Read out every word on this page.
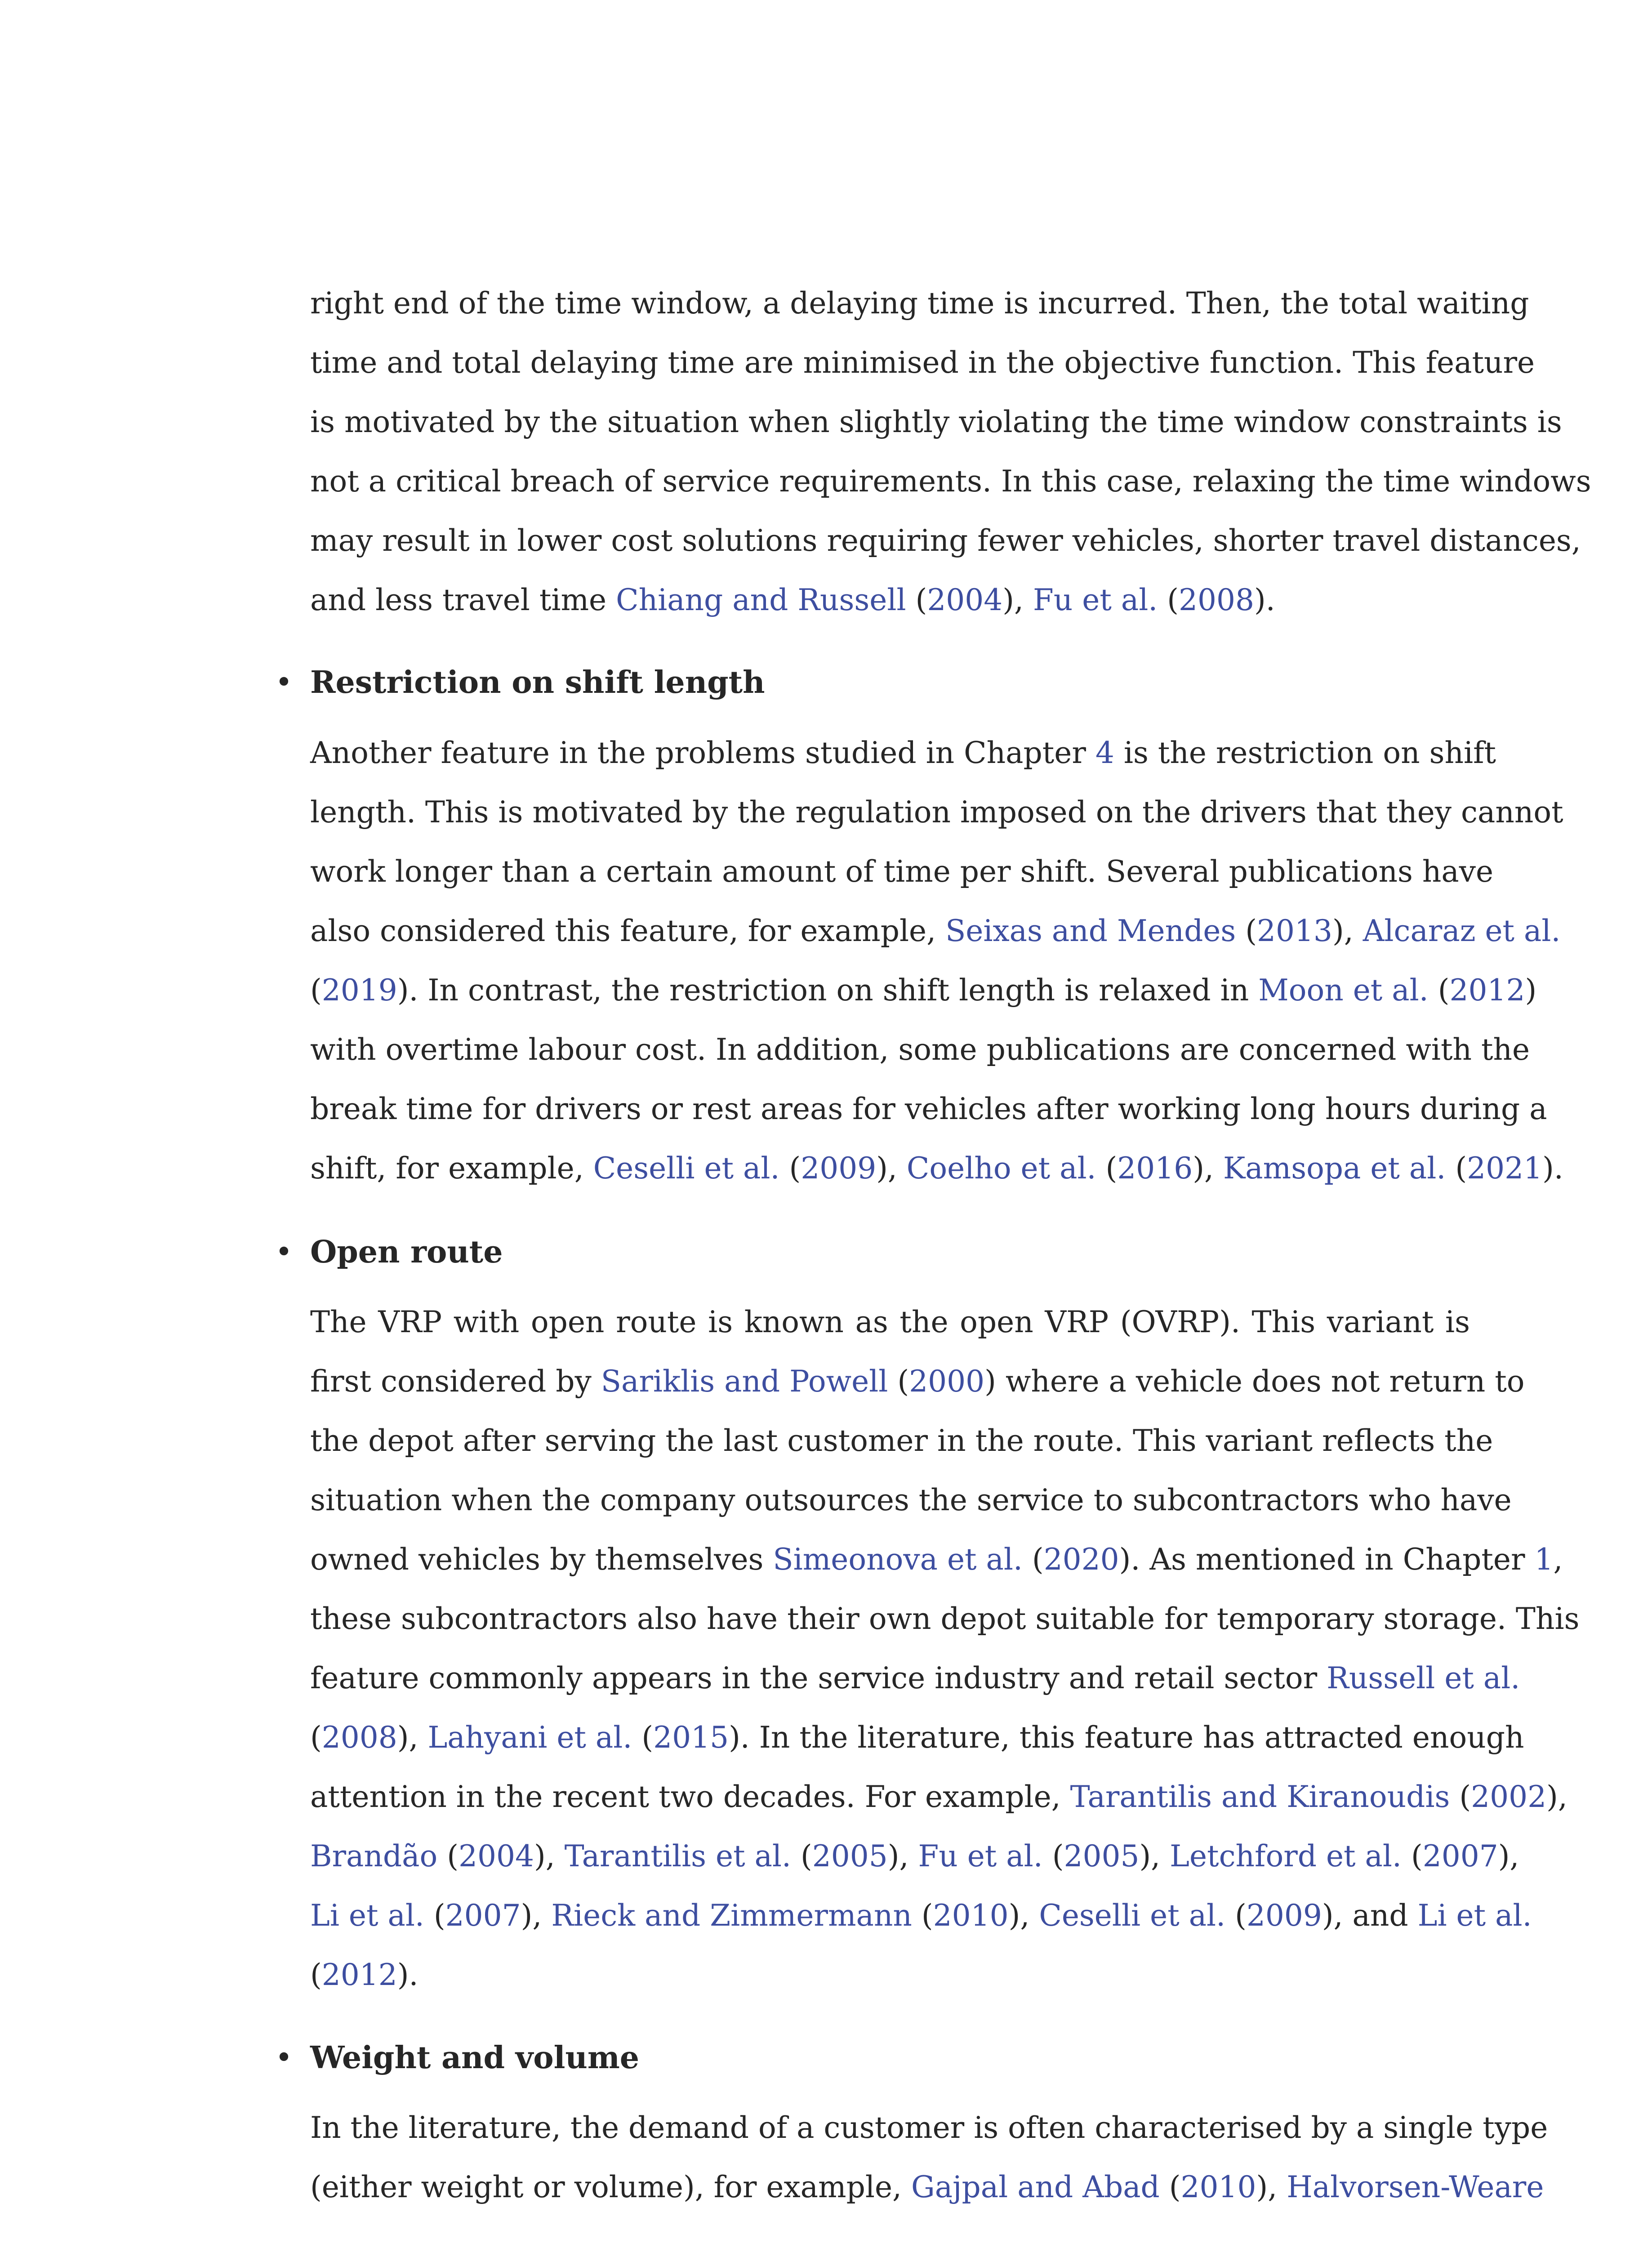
right end of the time window, a delaying time is incurred. Then, the total waiting
time and total delaying time are minimised in the objective function. This feature
is motivated by the situation when slightly violating the time window constraints is
not a critical breach of service requirements. In this case, relaxing the time windows
may result in lower cost solutions requiring fewer vehicles, shorter travel distances,
and less travel time Chiang and Russell (2004), Fu et al. (2008).
• Restriction on shift length
Another feature in the problems studied in Chapter 4 is the restriction on shift
length. This is motivated by the regulation imposed on the drivers that they cannot
work longer than a certain amount of time per shift. Several publications have
also considered this feature, for example, Seixas and Mendes (2013), Alcaraz et al.
(2019). In contrast, the restriction on shift length is relaxed in Moon et al. (2012)
with overtime labour cost. In addition, some publications are concerned with the
break time for drivers or rest areas for vehicles after working long hours during a
shift, for example, Ceselli et al. (2009), Coelho et al. (2016), Kamsopa et al. (2021).
• Open route
The VRP with open route is known as the open VRP (OVRP). This variant is
first considered by Sariklis and Powell (2000) where a vehicle does not return to
the depot after serving the last customer in the route. This variant reflects the
situation when the company outsources the service to subcontractors who have
owned vehicles by themselves Simeonova et al. (2020). As mentioned in Chapter 1,
these subcontractors also have their own depot suitable for temporary storage. This
feature commonly appears in the service industry and retail sector Russell et al.
(2008), Lahyani et al. (2015). In the literature, this feature has attracted enough
attention in the recent two decades. For example, Tarantilis and Kiranoudis (2002),
Brandão (2004), Tarantilis et al. (2005), Fu et al. (2005), Letchford et al. (2007),
Li et al. (2007), Rieck and Zimmermann (2010), Ceselli et al. (2009), and Li et al.
(2012).
• Weight and volume
In the literature, the demand of a customer is often characterised by a single type
(either weight or volume), for example, Gajpal and Abad (2010), Halvorsen-Weare
